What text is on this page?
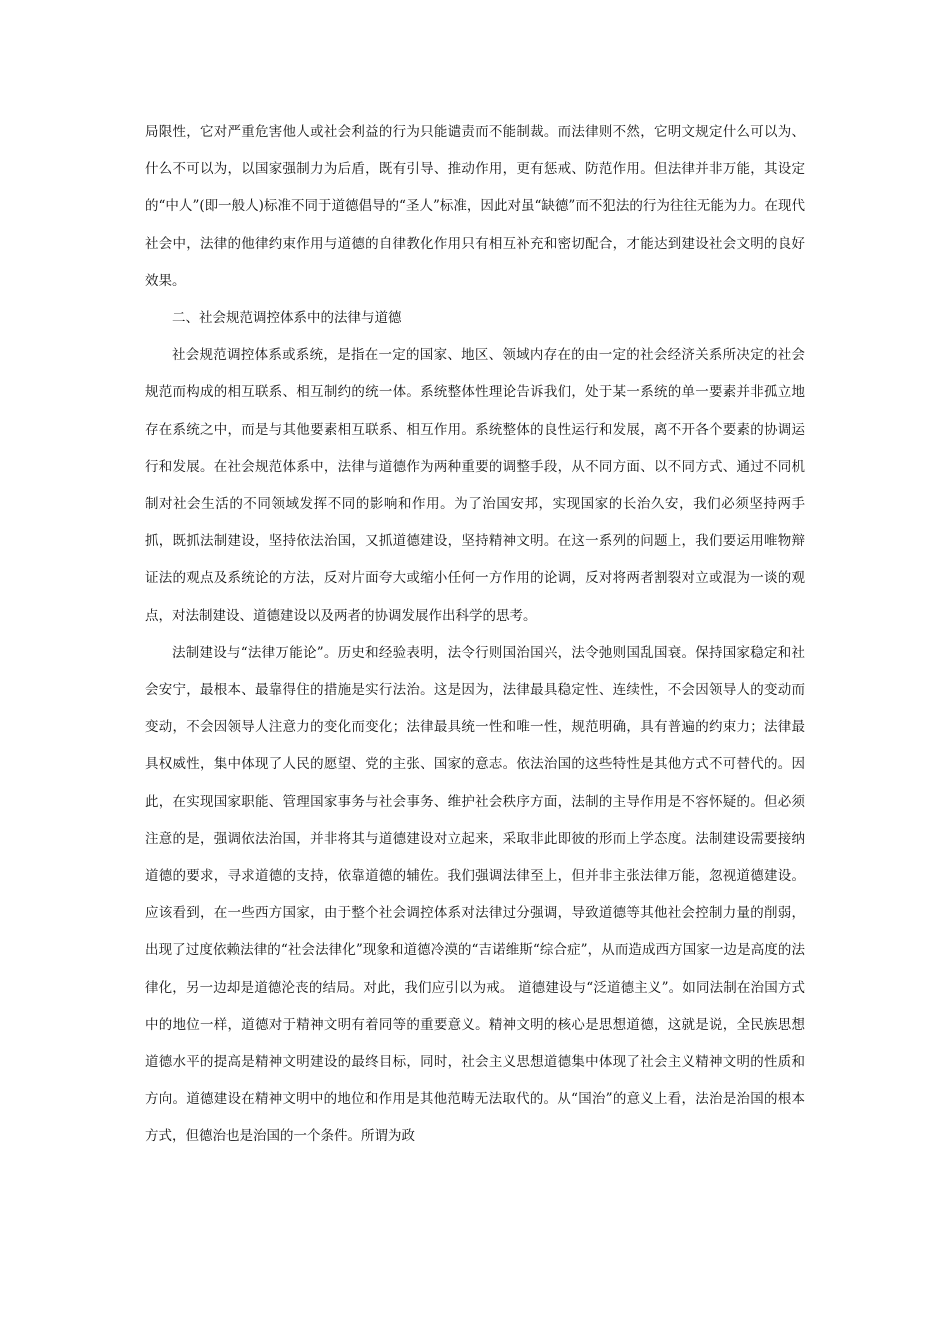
局限性，它对严重危害他人或社会利益的行为只能谴责而不能制裁。而法律则不然，它明文规定什么可以为、什么不可以为，以国家强制力为后盾，既有引导、推动作用，更有惩戒、防范作用。但法律并非万能，其设定的“中人”(即一般人)标准不同于道德倡导的“圣人”标准，因此对虽“缺德”而不犯法的行为往往无能为力。在现代社会中，法律的他律约束作用与道德的自律教化作用只有相互补充和密切配合，才能达到建设社会文明的良好效果。

二、社会规范调控体系中的法律与道德

社会规范调控体系或系统，是指在一定的国家、地区、领域内存在的由一定的社会经济关系所决定的社会规范而构成的相互联系、相互制约的统一体。系统整体性理论告诉我们，处于某一系统的单一要素并非孤立地存在系统之中，而是与其他要素相互联系、相互作用。系统整体的良性运行和发展，离不开各个要素的协调运行和发展。在社会规范体系中，法律与道德作为两种重要的调整手段，从不同方面、以不同方式、通过不同机制对社会生活的不同领域发挥不同的影响和作用。为了治国安邦，实现国家的长治久安，我们必须坚持两手抓，既抓法制建设，坚持依法治国，又抓道德建设，坚持精神文明。在这一系列的问题上，我们要运用唯物辩证法的观点及系统论的方法，反对片面夸大或缩小任何一方作用的论调，反对将两者割裂对立或混为一谈的观点，对法制建设、道德建设以及两者的协调发展作出科学的思考。

法制建设与“法律万能论”。历史和经验表明，法令行则国治国兴，法令弛则国乱国衰。保持国家稳定和社会安宁，最根本、最靠得住的措施是实行法治。这是因为，法律最具稳定性、连续性，不会因领导人的变动而变动，不会因领导人注意力的变化而变化；法律最具统一性和唯一性，规范明确，具有普遍的约束力；法律最具权威性，集中体现了人民的愿望、党的主张、国家的意志。依法治国的这些特性是其他方式不可替代的。因此，在实现国家职能、管理国家事务与社会事务、维护社会秩序方面，法制的主导作用是不容怀疑的。但必须注意的是，强调依法治国，并非将其与道德建设对立起来，采取非此即彼的形而上学态度。法制建设需要接纳道德的要求，寻求道德的支持，依靠道德的辅佐。我们强调法律至上，但并非主张法律万能，忽视道德建设。应该看到，在一些西方国家，由于整个社会调控体系对法律过分强调，导致道德等其他社会控制力量的削弱，出现了过度依赖法律的“社会法律化”现象和道德冷漠的“吉诺维斯“综合症”，从而造成西方国家一边是高度的法律化，另一边却是道德沦丧的结局。对此，我们应引以为戒。 道德建设与“泛道德主义”。如同法制在治国方式中的地位一样，道德对于精神文明有着同等的重要意义。精神文明的核心是思想道德，这就是说，全民族思想道德水平的提高是精神文明建设的最终目标，同时，社会主义思想道德集中体现了社会主义精神文明的性质和方向。道德建设在精神文明中的地位和作用是其他范畴无法取代的。从“国治”的意义上看，法治是治国的根本方式，但德治也是治国的一个条件。所谓为政
